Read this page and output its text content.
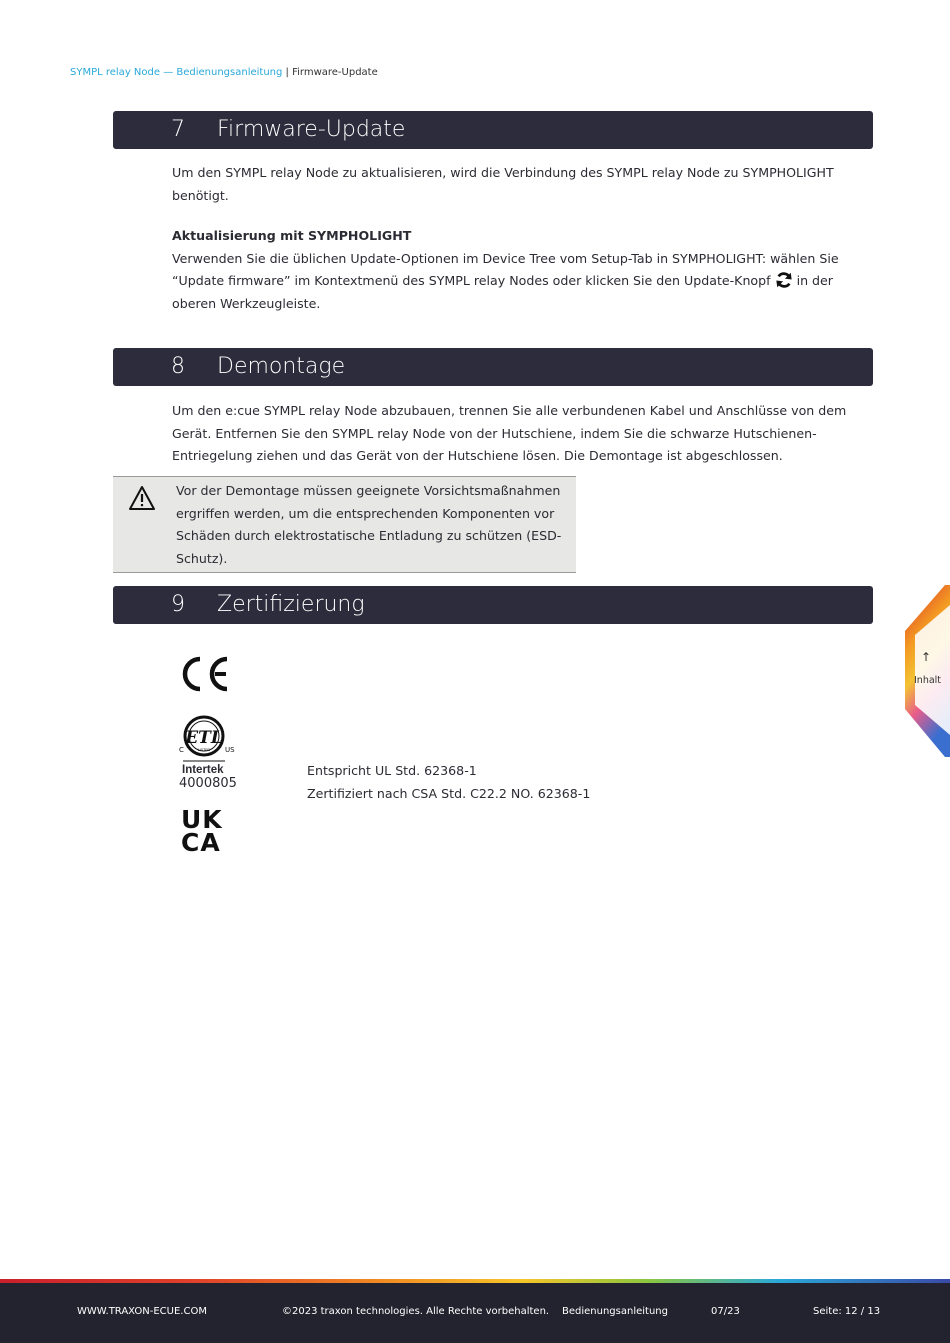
SYMPL relay Node — Bedienungsanleitung | Firmware-Update
7 Firmware-Update
Um den SYMPL relay Node zu aktualisieren, wird die Verbindung des SYMPL relay Node zu SYMPHOLIGHT benötigt.
Aktualisierung mit SYMPHOLIGHT
Verwenden Sie die üblichen Update-Optionen im Device Tree vom Setup-Tab in SYMPHOLIGHT: wählen Sie “Update firmware” im Kontextmenü des SYMPL relay Nodes oder klicken Sie den Update-Knopf  in der oberen Werkzeugleiste.
8 Demontage
Um den e:cue SYMPL relay Node abzubauen, trennen Sie alle verbundenen Kabel und Anschlüsse von dem Gerät. Entfernen Sie den SYMPL relay Node von der Hutschiene, indem Sie die schwarze Hutschienen-Entriegelung ziehen und das Gerät von der Hutschiene lösen. Die Demontage ist abgeschlossen.
Vor der Demontage müssen geeignete Vorsichtsmaßnahmen ergriffen werden, um die entsprechenden Komponenten vor Schäden durch elektrostatische Entladung zu schützen (ESD-Schutz).
9 Zertifizierung
ETL
C	US
LISTED
Intertek
4000805
UK
CA
Entspricht UL Std. 62368-1
Zertifiziert nach CSA Std. C22.2 NO. 62368-1
↑
Inhalt
WWW.TRAXON-ECUE.COM	©2023 traxon technologies. Alle Rechte vorbehalten. Bedienungsanleitung	07/23	Seite: 12 / 13
